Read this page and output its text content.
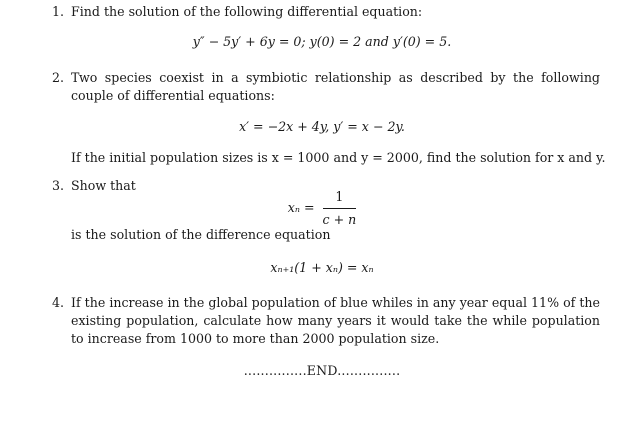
1. Find the solution of the following differential equation:
y″ − 5y′ + 6y = 0; y(0) = 2 and y′(0) = 5.
2. Two species coexist in a symbiotic relationship as described by the following couple of differential equations:
x′ = −2x + 4y, y′ = x − 2y.
If the initial population sizes is x = 1000 and y = 2000, find the solution for x and y.
3. Show that
$x_n = \frac{1}{c + n}$
is the solution of the difference equation
xₙ₊₁(1 + xₙ) = xₙ
4. If the increase in the global population of blue whiles in any year equal 11% of the existing population, calculate how many years it would take the while population to increase from 1000 to more than 2000 population size.
...............END...............
